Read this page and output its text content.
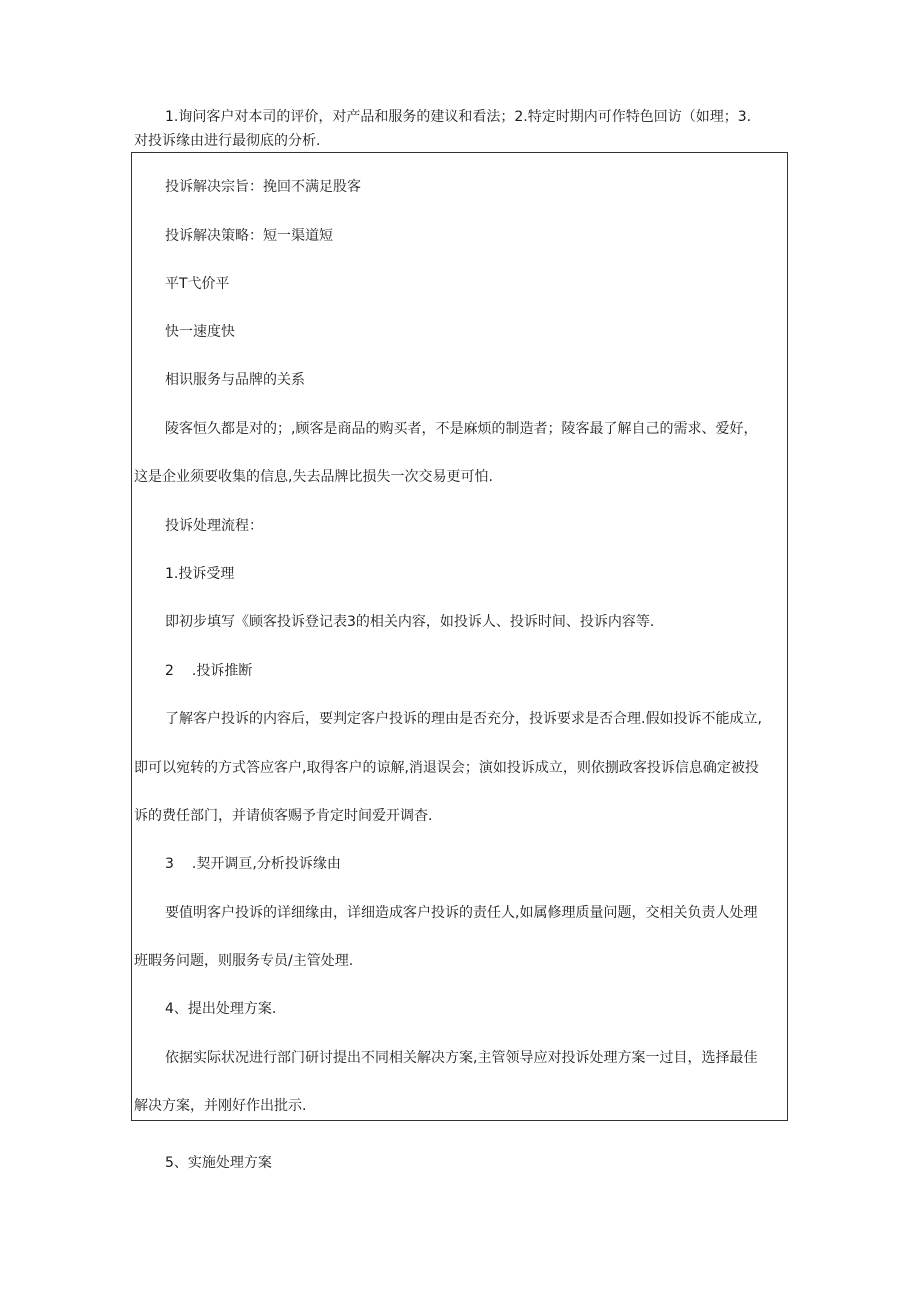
1.询问客户对本司的评价，对产品和服务的建议和看法；2.特定时期内可作特色回访（如理；3.
对投诉缘由进行最彻底的分析.
投诉解决宗旨：挽回不满足股客
投诉解决策略：短一渠道短
平T弋价平
快一速度快
相识服务与品牌的关系
陵客恒久都是对的；,顾客是商品的购买者，不是麻烦的制造者；陵客最了解自己的需求、爱好，
这是企业须要收集的信息,失去品牌比损失一次交易更可怕.
投诉处理流程：
1.投诉受理
即初步填写《顾客投诉登记表3的相关内容，如投诉人、投诉时间、投诉内容等.
2 .投诉推断
了解客户投诉的内容后，要判定客户投诉的理由是否充分，投诉要求是否合理.假如投诉不能成立,
即可以宛转的方式答应客户,取得客户的谅解,消退误会；演如投诉成立，则依捌政客投诉信息确定被投
诉的费任部门，并请侦客赐予肯定时间爱开调杳.
3 .契开调亘,分析投诉缘由
要值明客户投诉的详细缘由，详细造成客户投诉的责任人,如属修理质量问题，交相关负责人处理
班暇务问题，则服务专员/主管处理.
4、提出处理方案.
依据实际状况进行部门研讨提出不同相关解决方案,主管领导应对投诉处理方案一过目，选择最佳
解决方案，并刚好作出批示.
5、实施处理方案
